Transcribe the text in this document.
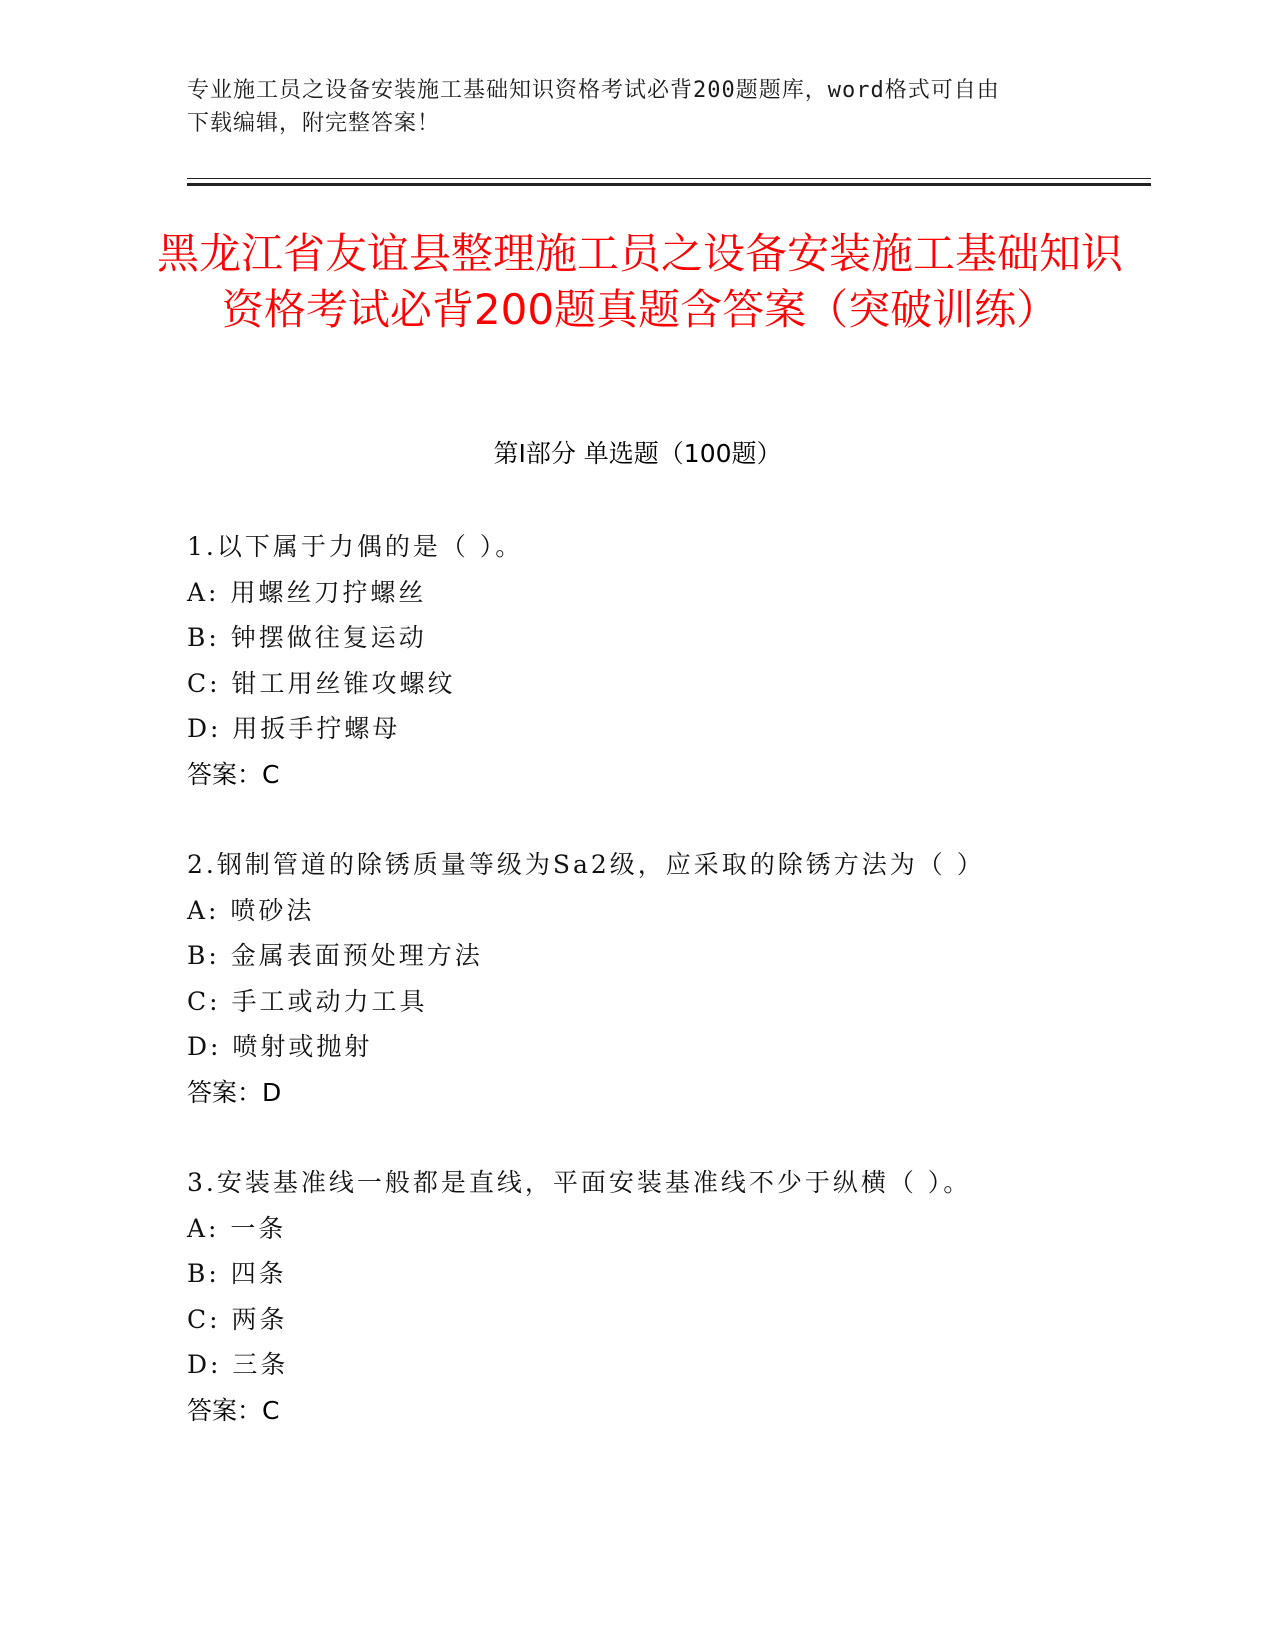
专业施工员之设备安装施工基础知识资格考试必背200题题库，word格式可自由
下载编辑，附完整答案！
黑龙江省友谊县整理施工员之设备安装施工基础知识资格考试必背200题真题含答案（突破训练）
第Ⅰ部分 单选题（100题）
1.以下属于力偶的是（ ）。
A: 用螺丝刀拧螺丝
B: 钟摆做往复运动
C: 钳工用丝锥攻螺纹
D: 用扳手拧螺母
答案：C
2.钢制管道的除锈质量等级为Sa2级，应采取的除锈方法为（ ）
A: 喷砂法
B: 金属表面预处理方法
C: 手工或动力工具
D: 喷射或抛射
答案：D
3.安装基准线一般都是直线，平面安装基准线不少于纵横（ ）。
A: 一条
B: 四条
C: 两条
D: 三条
答案：C
